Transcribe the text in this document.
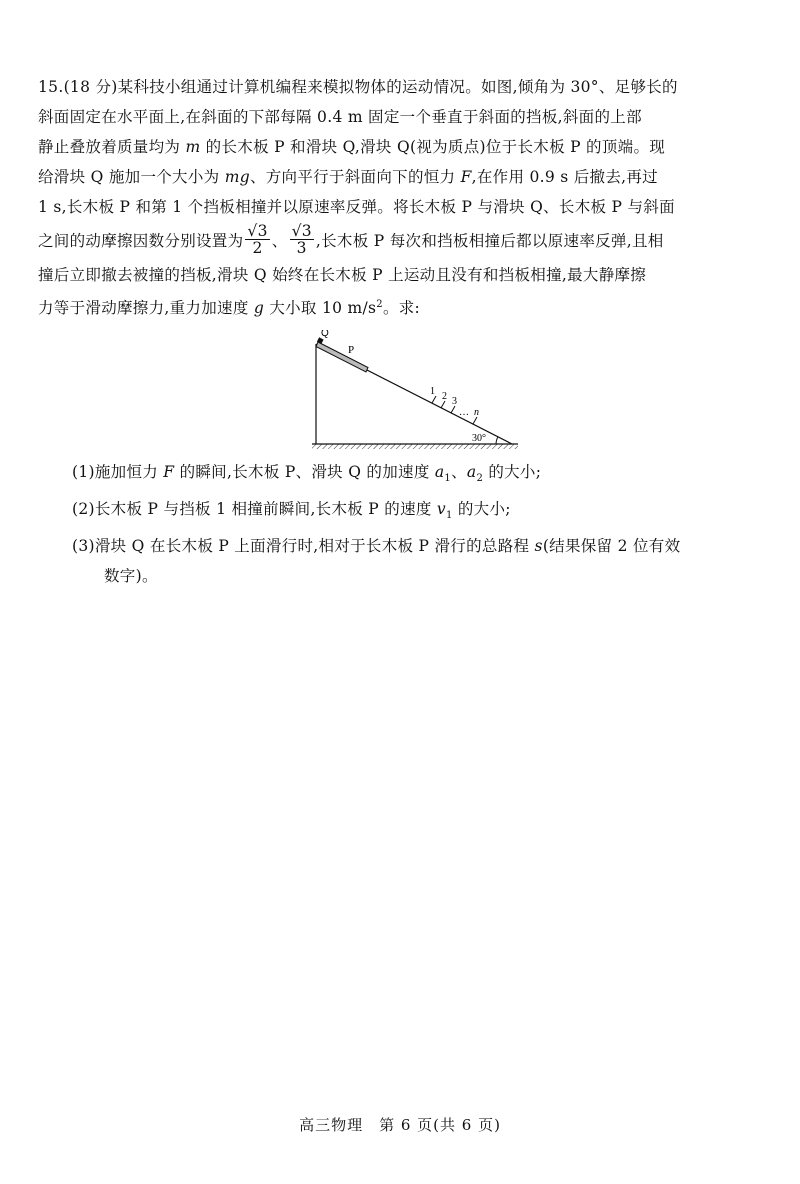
15.(18 分)某科技小组通过计算机编程来模拟物体的运动情况。如图,倾角为 30°、足够长的
斜面固定在水平面上,在斜面的下部每隔 0.4 m 固定一个垂直于斜面的挡板,斜面的上部
静止叠放着质量均为 m 的长木板 P 和滑块 Q,滑块 Q(视为质点)位于长木板 P 的顶端。现
给滑块 Q 施加一个大小为 mg、方向平行于斜面向下的恒力 F,在作用 0.9 s 后撤去,再过
1 s,长木板 P 和第 1 个挡板相撞并以原速率反弹。将长木板 P 与滑块 Q、长木板 P 与斜面
之间的动摩擦因数分别设置为 $\frac{√3}{2}$ 、 $\frac{√3}{3}$ ,长木板 P 每次和挡板相撞后都以原速率反弹,且相
撞后立即撤去被撞的挡板,滑块 Q 始终在长木板 P 上运动且没有和挡板相撞,最大静摩擦
力等于滑动摩擦力,重力加速度 g 大小取 10 $m/s^2$。求:
Q
P
1 2 3
… n
30°

(1)施加恒力 F 的瞬间,长木板 P、滑块 Q 的加速度 $a_1$、$a_2$ 的大小;

(2)长木板 P 与挡板 1 相撞前瞬间,长木板 P 的速度 $v_1$ 的大小;

(3)滑块 Q 在长木板 P 上面滑行时,相对于长木板 P 滑行的总路程 s(结果保留 2 位有效
数字)。

高三物理　第 6 页(共 6 页)
